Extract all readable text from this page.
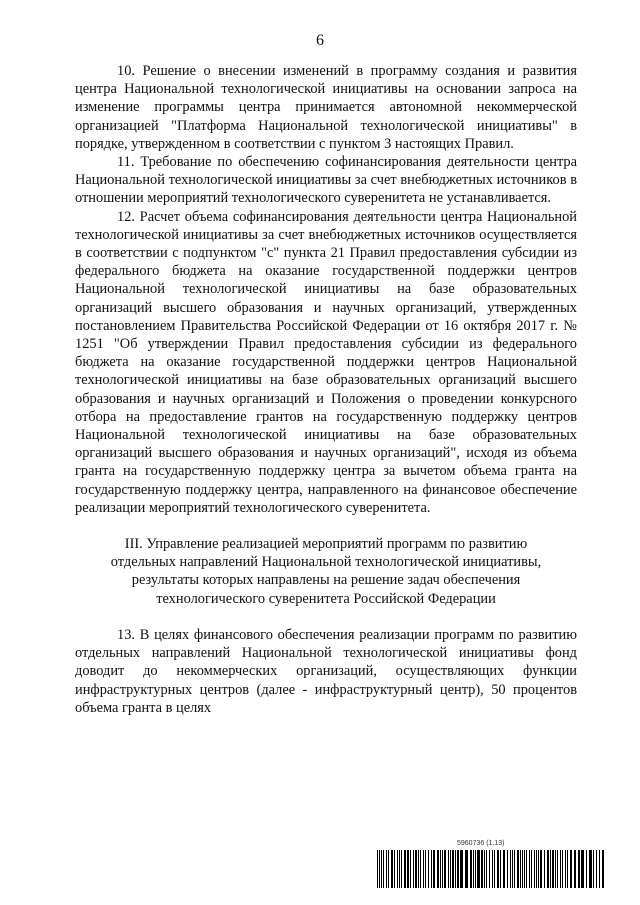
6

10. Решение о внесении изменений в программу создания и развития центра Национальной технологической инициативы на основании запроса на изменение программы центра принимается автономной некоммерческой организацией "Платформа Национальной технологической инициативы" в порядке, утвержденном в соответствии с пунктом 3 настоящих Правил.

11. Требование по обеспечению софинансирования деятельности центра Национальной технологической инициативы за счет внебюджетных источников в отношении мероприятий технологического суверенитета не устанавливается.

12. Расчет объема софинансирования деятельности центра Национальной технологической инициативы за счет внебюджетных источников осуществляется в соответствии с подпунктом "с" пункта 21 Правил предоставления субсидии из федерального бюджета на оказание государственной поддержки центров Национальной технологической инициативы на базе образовательных организаций высшего образования и научных организаций, утвержденных постановлением Правительства Российской Федерации от 16 октября 2017 г. № 1251 "Об утверждении Правил предоставления субсидии из федерального бюджета на оказание государственной поддержки центров Национальной технологической инициативы на базе образовательных организаций высшего образования и научных организаций и Положения о проведении конкурсного отбора на предоставление грантов на государственную поддержку центров Национальной технологической инициативы на базе образовательных организаций высшего образования и научных организаций", исходя из объема гранта на государственную поддержку центра за вычетом объема гранта на государственную поддержку центра, направленного на финансовое обеспечение реализации мероприятий технологического суверенитета.

III. Управление реализацией мероприятий программ по развитию
отдельных направлений Национальной технологической инициативы,
результаты которых направлены на решение задач обеспечения
технологического суверенитета Российской Федерации

13. В целях финансового обеспечения реализации программ по развитию отдельных направлений Национальной технологической инициативы фонд доводит до некоммерческих организаций, осуществляющих функции инфраструктурных центров (далее - инфраструктурный центр), 50 процентов объема гранта в целях

5960736 (1.13)
